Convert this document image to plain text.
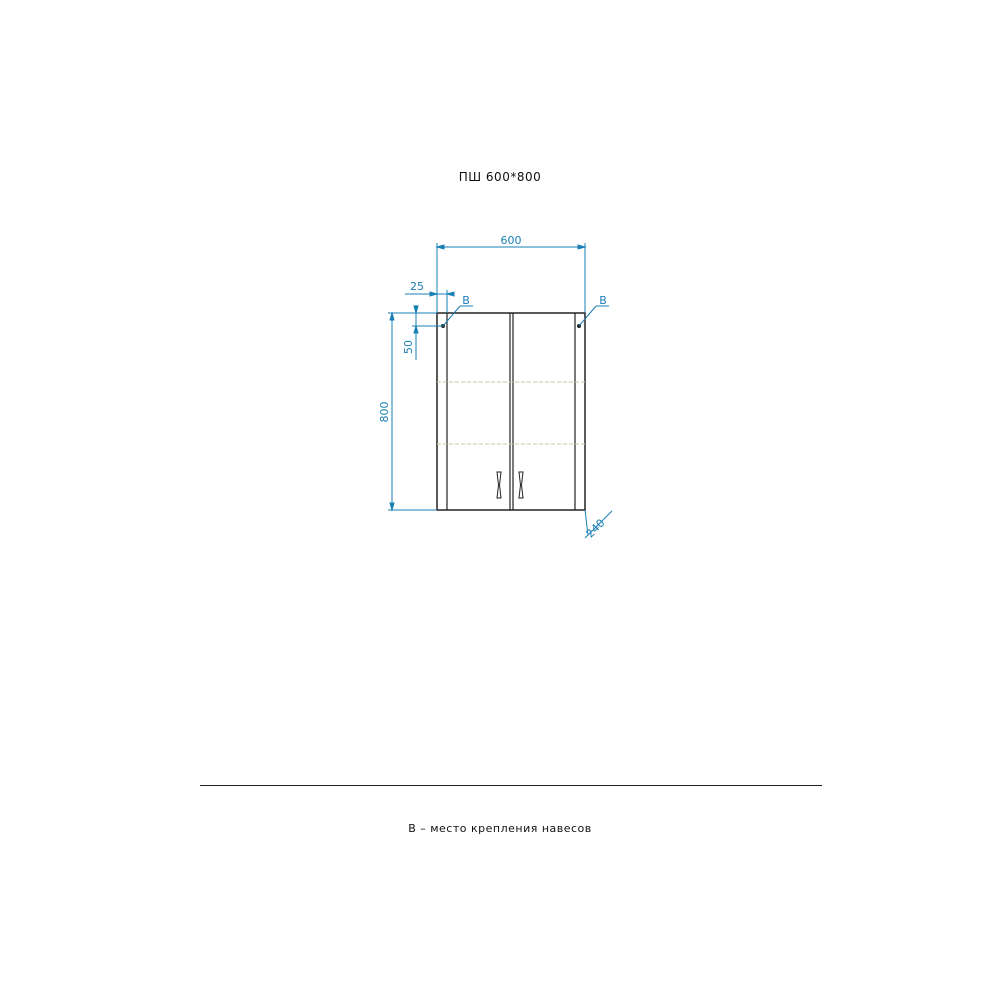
ПШ 600*800
600
25
800
50
240
B	B
B – место крепления навесов
